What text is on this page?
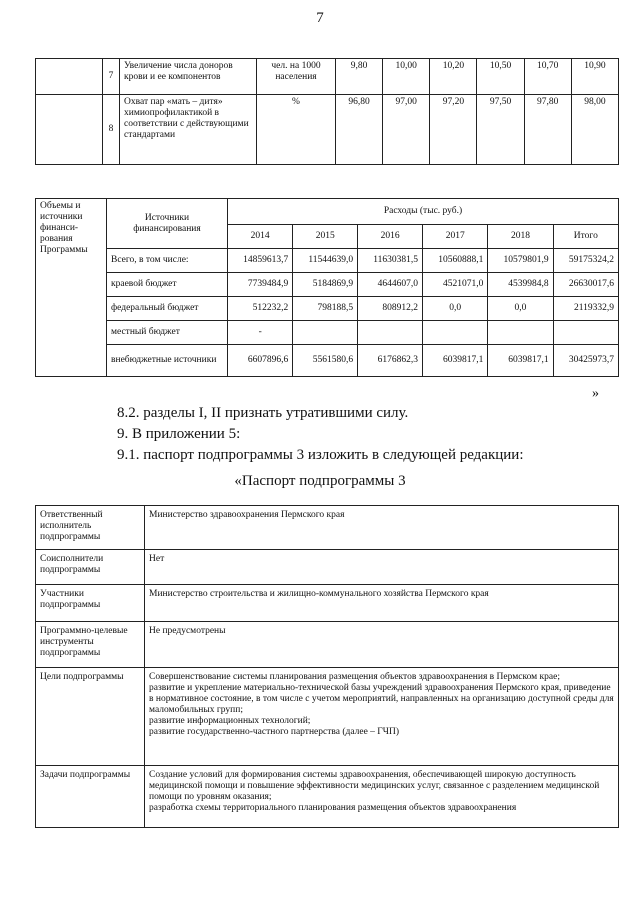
7
	7	Увеличение числа доноров крови и ее компонентов	чел. на 1000 населения	9,80	10,00	10,20	10,50	10,70	10,90
	8	Охват пар «мать – дитя» химиопрофилактикой в соответствии с действующими стандартами	%	96,80	97,00	97,20	97,50	97,80	98,00
Объемы и источники финанси-рования Программы	Источники финансирования	Расходы (тыс. руб.)					
		2014	2015	2016	2017	2018	Итого
	Всего, в том числе:	14859613,7	11544639,0	11630381,5	10560888,1	10579801,9	59175324,2
	краевой бюджет	7739484,9	5184869,9	4644607,0	4521071,0	4539984,8	26630017,6
	федеральный бюджет	512232,2	798188,5	808912,2	0,0	0,0	2119332,9
	местный бюджет	-					
	внебюджетные источники	6607896,6	5561580,6	6176862,3	6039817,1	6039817,1	30425973,7
»
8.2. разделы I, II признать утратившими силу.
9. В приложении 5:
9.1. паспорт подпрограммы 3 изложить в следующей редакции:
«Паспорт подпрограммы 3
Ответственный исполнитель подпрограммы	Министерство здравоохранения Пермского края
Соисполнители подпрограммы	Нет
Участники подпрограммы	Министерство строительства и жилищно-коммунального хозяйства Пермского края
Программно-целевые инструменты подпрограммы	Не предусмотрены
Цели подпрограммы	Совершенствование системы планирования размещения объектов здравоохранения в Пермском крае;
развитие и укрепление материально-технической базы учреждений здравоохранения Пермского края, приведение в нормативное состояние, в том числе с учетом мероприятий, направленных на организацию доступной среды для маломобильных групп;
развитие информационных технологий;
развитие государственно-частного партнерства (далее – ГЧП)
Задачи подпрограммы	Создание условий для формирования системы здравоохранения, обеспечивающей широкую доступность медицинской помощи и повышение эффективности медицинских услуг, связанное с разделением медицинской помощи по уровням оказания;
разработка схемы территориального планирования размещения объектов здравоохранения
